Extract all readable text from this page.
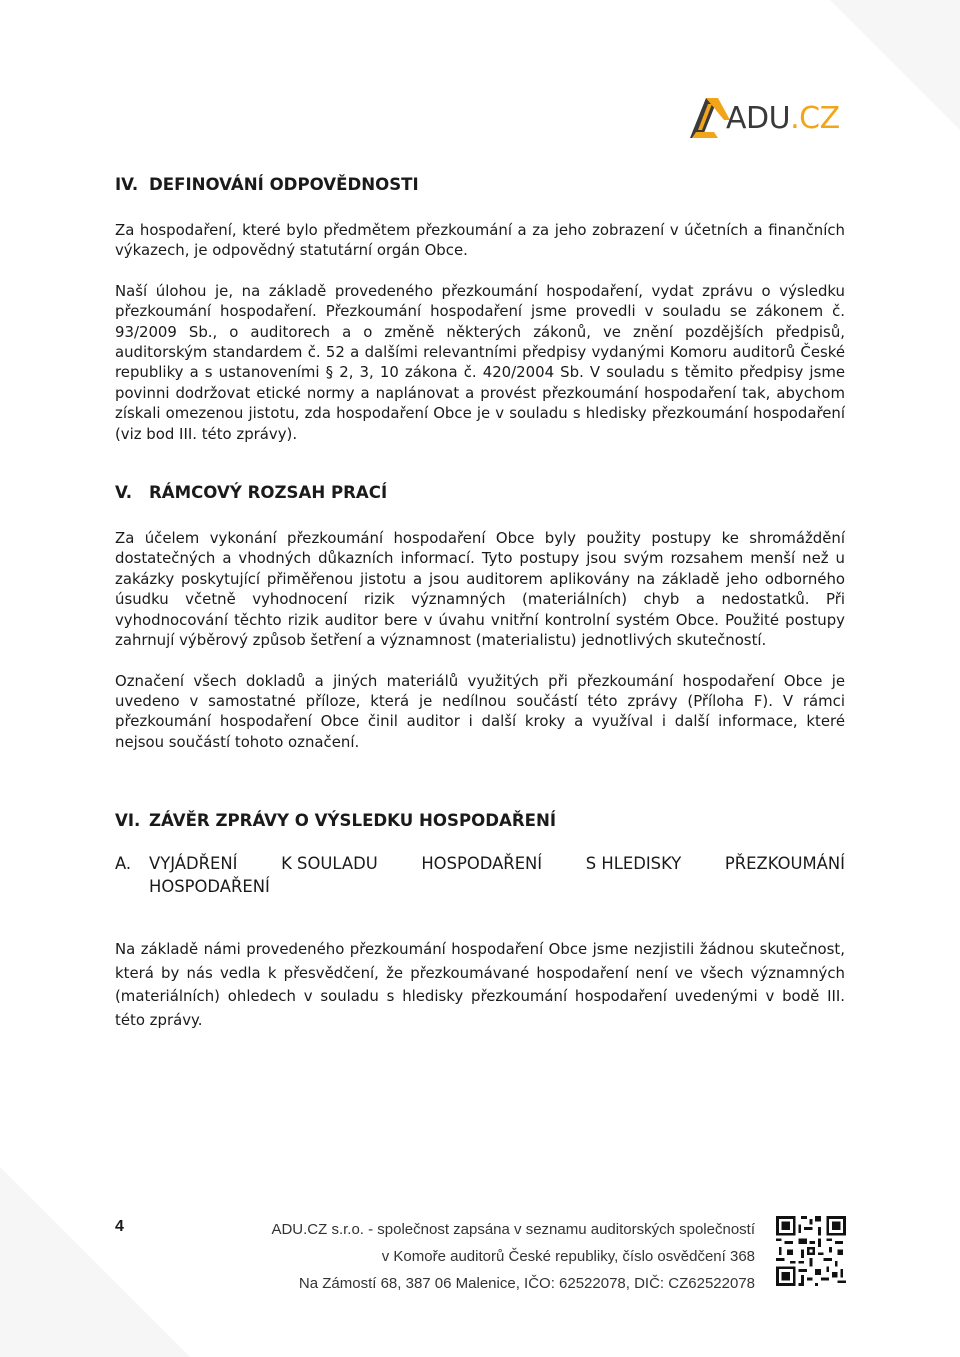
ADU.CZ
IV. DEFINOVÁNÍ ODPOVĚDNOSTI

Za hospodaření, které bylo předmětem přezkoumání a za jeho zobrazení v účetních a finančních výkazech, je odpovědný statutární orgán Obce.

Naší úlohou je, na základě provedeného přezkoumání hospodaření, vydat zprávu o výsledku přezkoumání hospodaření. Přezkoumání hospodaření jsme provedli v souladu se zákonem č. 93/2009 Sb., o auditorech a o změně některých zákonů, ve znění pozdějších předpisů, auditorským standardem č. 52 a dalšími relevantními předpisy vydanými Komoru auditorů České republiky a s ustanoveními § 2, 3, 10 zákona č. 420/2004 Sb. V souladu s těmito předpisy jsme povinni dodržovat etické normy a naplánovat a provést přezkoumání hospodaření tak, abychom získali omezenou jistotu, zda hospodaření Obce je v souladu s hledisky přezkoumání hospodaření (viz bod III. této zprávy).

V. RÁMCOVÝ ROZSAH PRACÍ

Za účelem vykonání přezkoumání hospodaření Obce byly použity postupy ke shromáždění dostatečných a vhodných důkazních informací. Tyto postupy jsou svým rozsahem menší než u zakázky poskytující přiměřenou jistotu a jsou auditorem aplikovány na základě jeho odborného úsudku včetně vyhodnocení rizik významných (materiálních) chyb a nedostatků. Při vyhodnocování těchto rizik auditor bere v úvahu vnitřní kontrolní systém Obce. Použité postupy zahrnují výběrový způsob šetření a významnost (materialistu) jednotlivých skutečností.

Označení všech dokladů a jiných materiálů využitých při přezkoumání hospodaření Obce je uvedeno v samostatné příloze, která je nedílnou součástí této zprávy (Příloha F). V rámci přezkoumání hospodaření Obce činil auditor i další kroky a využíval i další informace, které nejsou součástí tohoto označení.

VI. ZÁVĚR ZPRÁVY O VÝSLEDKU HOSPODAŘENÍ
A.	VYJÁDŘENÍ	K SOULADU	HOSPODAŘENÍ	S HLEDISKY	PŘEZKOUMÁNÍ
HOSPODAŘENÍ

Na základě námi provedeného přezkoumání hospodaření Obce jsme nezjistili žádnou skutečnost, která by nás vedla k přesvědčení, že přezkoumávané hospodaření není ve všech významných (materiálních) ohledech v souladu s hledisky přezkoumání hospodaření uvedenými v bodě III. této zprávy.

4	ADU.CZ s.r.o. - společnost zapsána v seznamu auditorských společností
v Komoře auditorů České republiky, číslo osvědčení 368
Na Zámostí 68, 387 06 Malenice, IČO: 62522078, DIČ: CZ62522078
